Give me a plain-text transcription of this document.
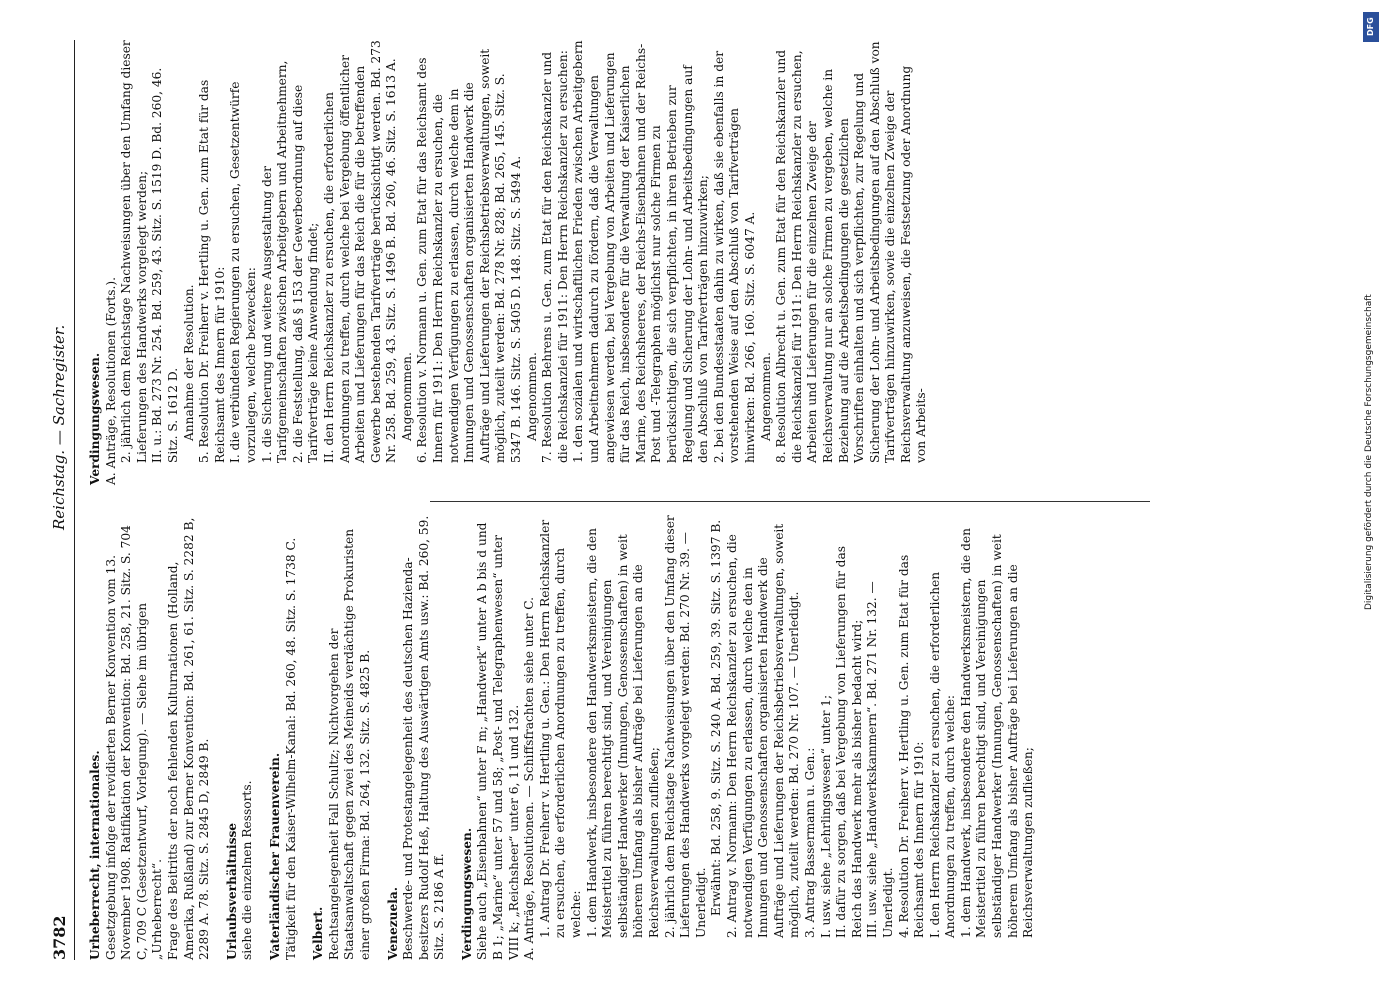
3782
Reichstag. — Sachregister.

Urheberrecht, internationales. Gesetzgebung infolge der revidierten Berner Konvention vom 13. November 1908. Ratifikation der Konvention: Bd. 258, 21. Sitz. S. 704 C, 709 C (Gesetzentwurf, Vorlegung). — Siehe im übrigen „Urheberrecht“. Frage des Beitritts der noch fehlenden Kulturnationen (Holland, Amerika, Rußland) zur Berner Konvention: Bd. 261, 61. Sitz. S. 2282 B, 2289 A. 78. Sitz. S. 2845 D, 2849 B. Urlaubsverhältnisse siehe die einzelnen Ressorts. Vaterländischer Frauenverein. Tätigkeit für den Kaiser-Wilhelm-Kanal: Bd. 260, 48. Sitz. S. 1738 C. Velbert. Rechtsangelegenheit Fall Schultz; Nichtvorgehen der Staatsanwaltschaft gegen zwei des Meineids verdächtige Prokuristen einer großen Firma: Bd. 264, 132. Sitz. S. 4825 B. Venezuela. Beschwerde- und Protestangelegenheit des deutschen Hazienda-besitzers Rudolf Heß, Haltung des Auswärtigen Amts usw.: Bd. 260, 59. Sitz. S. 2186 A ff. Verdingungswesen. Siehe auch „Eisenbahnen“ unter F m; „Handwerk“ unter A b bis d und B 1; „Marine“ unter 57 und 58; „Post- und Telegraphenwesen“ unter VIII k; „Reichsheer“ unter 6, 11 und 132. A. Anträge, Resolutionen. — Schiffsfrachten siehe unter C. 1. Antrag Dr. Freiherr v. Hertling u. Gen.: Den Herrn Reichskanzler zu ersuchen, die erforderlichen Anordnungen zu treffen, durch welche: 1. dem Handwerk, insbesondere den Handwerksmeistern, die den Meistertitel zu führen berechtigt sind, und Vereinigungen selbständiger Handwerker (Innungen, Genossenschaften) in weit höherem Umfang als bisher Aufträge bei Lieferungen an die Reichsverwaltungen zufließen; 2. jährlich dem Reichstage Nachweisungen über den Umfang dieser Lieferungen des Handwerks vorgelegt werden: Bd. 270 Nr. 39. — Unerledigt. Erwähnt: Bd. 258, 9. Sitz. S. 240 A. Bd. 259, 39. Sitz. S. 1397 B. 2. Antrag v. Normann: Den Herrn Reichskanzler zu ersuchen, die notwendigen Verfügungen zu erlassen, durch welche den in Innungen und Genossenschaften organisierten Handwerk die Aufträge und Lieferungen der Reichsbetriebsverwaltungen, soweit möglich, zuteilt werden: Bd. 270 Nr. 107. — Unerledigt. 3. Antrag Bassermann u. Gen.: I. usw. siehe „Lehrlingswesen“ unter 1; II. dafür zu sorgen, daß bei Vergebung von Lieferungen für das Reich das Handwerk mehr als bisher bedacht wird; III. usw. siehe „Handwerkskammern“. Bd. 271 Nr. 132. — Unerledigt. 4. Resolution Dr. Freiherr v. Hertling u. Gen. zum Etat für das Reichsamt des Innern für 1910: I. den Herrn Reichskanzler zu ersuchen, die erforderlichen Anordnungen zu treffen, durch welche: 1. dem Handwerk, insbesondere den Handwerksmeistern, die den Meistertitel zu führen berechtigt sind, und Vereinigungen selbständiger Handwerker (Innungen, Genossenschaften) in weit höherem Umfang als bisher Aufträge bei Lieferungen an die Reichsverwaltungen zufließen;

Verdingungswesen. A. Anträge, Resolutionen (Forts.). 2. jährlich dem Reichstage Nachweisungen über den Umfang dieser Lieferungen des Handwerks vorgelegt werden; II. u.: Bd. 273 Nr. 254. Bd. 259, 43. Sitz. S. 1519 D. Bd. 260, 46. Sitz. S. 1612 D. Annahme der Resolution. 5. Resolution Dr. Freiherr v. Hertling u. Gen. zum Etat für das Reichsamt des Innern für 1910: I. die verbündeten Regierungen zu ersuchen, Gesetzentwürfe vorzulegen, welche bezwecken: 1. die Sicherung und weitere Ausgestaltung der Tarifgemeinschaften zwischen Arbeitgebern und Arbeitnehmern, 2. die Feststellung, daß § 153 der Gewerbeordnung auf diese Tarifverträge keine Anwendung findet; II. den Herrn Reichskanzler zu ersuchen, die erforderlichen Anordnungen zu treffen, durch welche bei Vergebung öffentlicher Arbeiten und Lieferungen für das Reich die für die betreffenden Gewerbe bestehenden Tarifverträge berücksichtigt werden. Bd. 273 Nr. 258. Bd. 259, 43. Sitz. S. 1496 B. Bd. 260, 46. Sitz. S. 1613 A. Angenommen. 6. Resolution v. Normann u. Gen. zum Etat für das Reichsamt des Innern für 1911: Den Herrn Reichskanzler zu ersuchen, die notwendigen Verfügungen zu erlassen, durch welche dem in Innungen und Genossenschaften organisierten Handwerk die Aufträge und Lieferungen der Reichsbetriebsverwaltungen, soweit möglich, zuteilt werden: Bd. 278 Nr. 828; Bd. 265, 145. Sitz. S. 5347 B. 146. Sitz. S. 5405 D. 148. Sitz. S. 5494 A. Angenommen. 7. Resolution Behrens u. Gen. zum Etat für den Reichskanzler und die Reichskanzlei für 1911: Den Herrn Reichskanzler zu ersuchen: 1. den sozialen und wirtschaftlichen Frieden zwischen Arbeitgebern und Arbeitnehmern dadurch zu fördern, daß die Verwaltungen angewiesen werden, bei Vergebung von Arbeiten und Lieferungen für das Reich, insbesondere für die Verwaltung der Kaiserlichen Marine, des Reichsheeres, der Reichs-Eisenbahnen und der Reichs-Post und -Telegraphen möglichst nur solche Firmen zu berücksichtigen, die sich verpflichten, in ihren Betrieben zur Regelung und Sicherung der Lohn- und Arbeitsbedingungen auf den Abschluß von Tarifverträgen hinzuwirken; 2. bei den Bundesstaaten dahin zu wirken, daß sie ebenfalls in der vorstehenden Weise auf den Abschluß von Tarifverträgen hinwirken: Bd. 266, 160. Sitz. S. 6047 A. Angenommen. 8. Resolution Albrecht u. Gen. zum Etat für den Reichskanzler und die Reichskanzlei für 1911: Den Herrn Reichskanzler zu ersuchen, Arbeiten und Lieferungen für die einzelnen Zweige der Reichsverwaltung nur an solche Firmen zu vergeben, welche in Beziehung auf die Arbeitsbedingungen die gesetzlichen Vorschriften einhalten und sich verpflichten, zur Regelung und Sicherung der Lohn- und Arbeitsbedingungen auf den Abschluß von Tarifverträgen hinzuwirken, sowie die einzelnen Zweige der Reichsverwaltung anzuweisen, die Festsetzung oder Anordnung von Arbeits-

DFG
Digitalisierung gefördert durch die Deutsche Forschungsgemeinschaft
